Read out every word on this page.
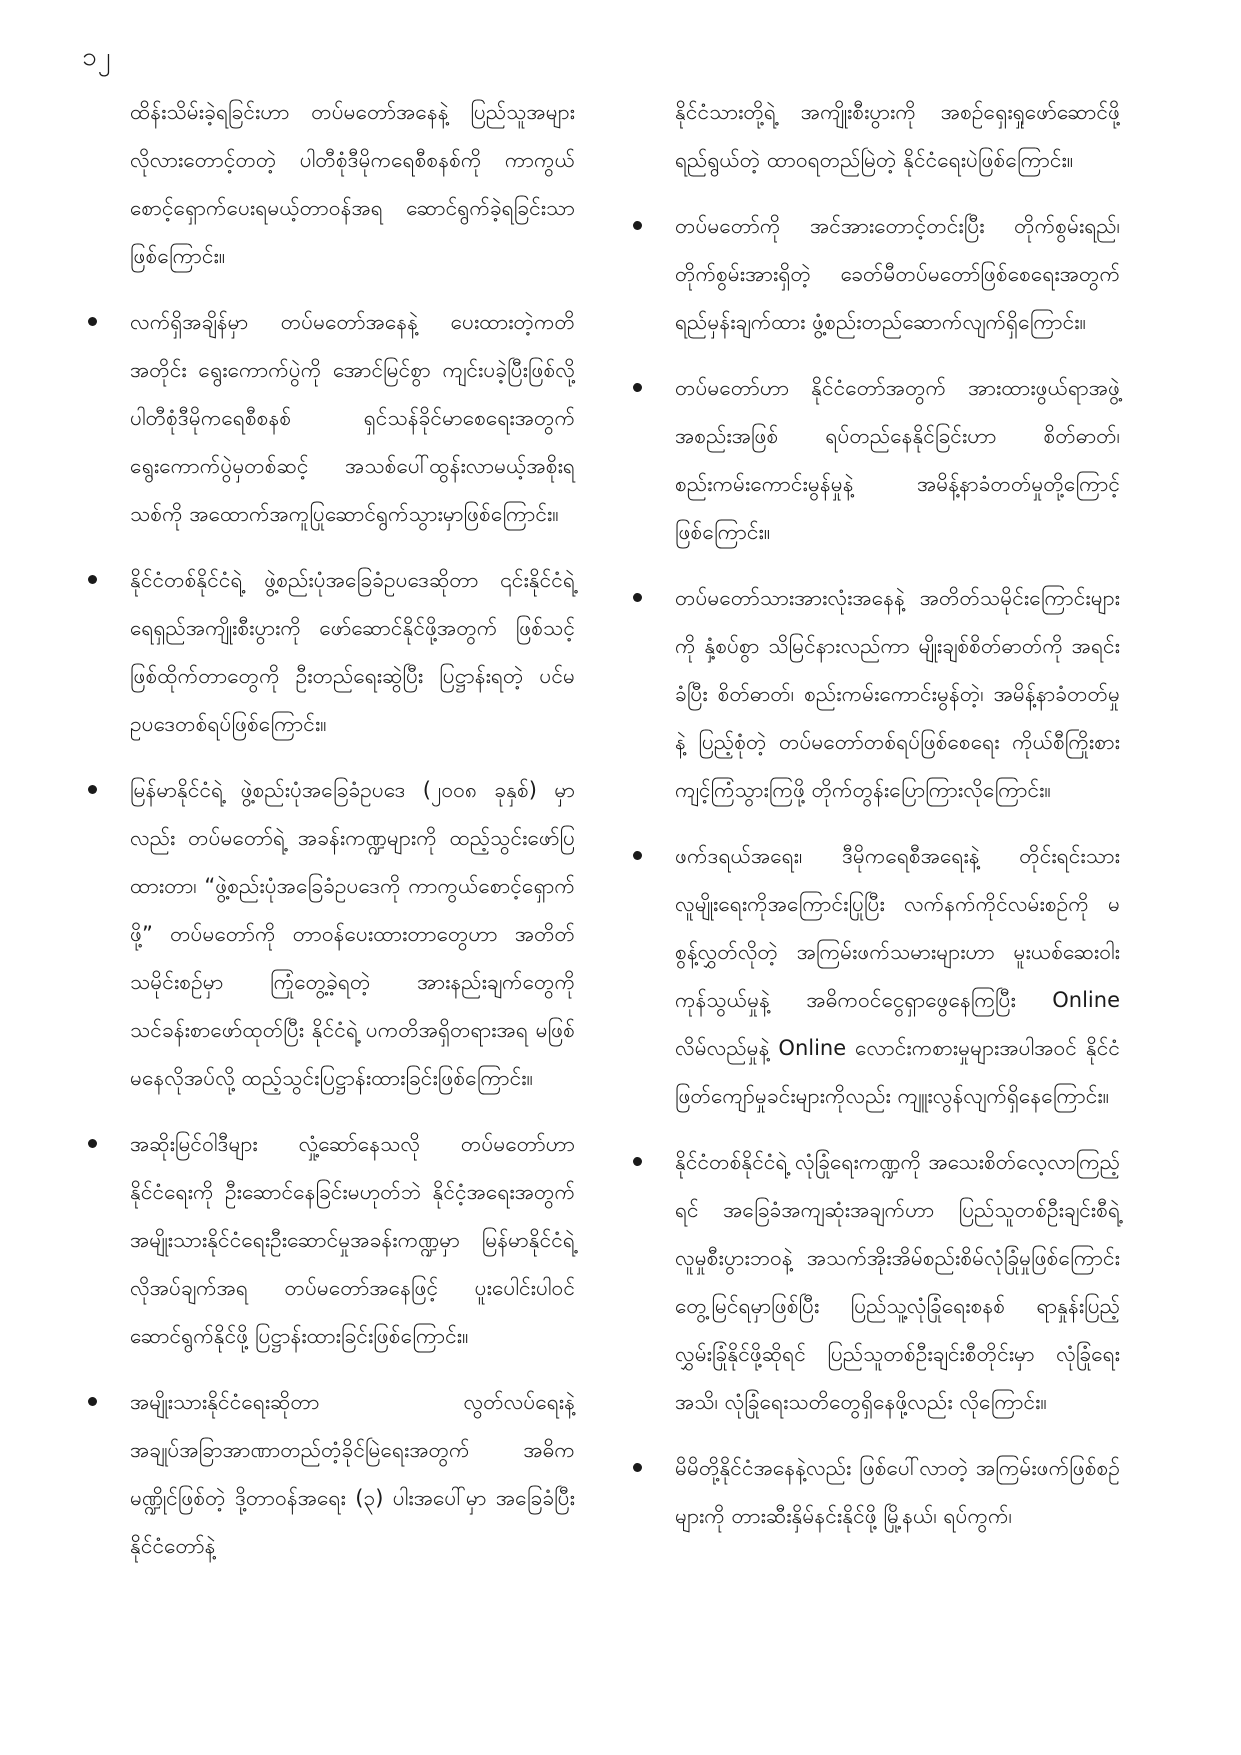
၁၂

ထိန်းသိမ်းခဲ့ရခြင်းဟာ တပ်မတော်အနေနဲ့ ပြည်သူအများ လိုလားတောင့်တတဲ့ ပါတီစုံဒီမိုကရေစီစနစ်ကို ကာကွယ်စောင့်ရှောက်ပေးရမယ့်တာဝန်အရ ဆောင်ရွက်ခဲ့ရခြင်းသာဖြစ်ကြောင်း။

လက်ရှိအချိန်မှာ တပ်မတော်အနေနဲ့ ပေးထားတဲ့ကတိအတိုင်း ရွေးကောက်ပွဲကို အောင်မြင်စွာ ကျင်းပခဲ့ပြီးဖြစ်လို့ ပါတီစုံဒီမိုကရေစီစနစ် ရှင်သန်ခိုင်မာစေရေးအတွက် ရွေးကောက်ပွဲမှတစ်ဆင့် အသစ်ပေါ်ထွန်းလာမယ့်အစိုးရသစ်ကို အထောက်အကူပြုဆောင်ရွက်သွားမှာဖြစ်ကြောင်း။
နိုင်ငံတစ်နိုင်ငံရဲ့ ဖွဲ့စည်းပုံအခြေခံဥပဒေဆိုတာ ၎င်းနိုင်ငံရဲ့ ရေရှည်အကျိုးစီးပွားကို ဖော်ဆောင်နိုင်ဖို့အတွက် ဖြစ်သင့်ဖြစ်ထိုက်တာတွေကို ဦးတည်ရေးဆွဲပြီး ပြဋ္ဌာန်းရတဲ့ ပင်မဥပဒေတစ်ရပ်ဖြစ်ကြောင်း။
မြန်မာနိုင်ငံရဲ့ ဖွဲ့စည်းပုံအခြေခံဥပဒေ (၂၀၀၈ ခုနှစ်) မှာလည်း တပ်မတော်ရဲ့ အခန်းကဏ္ဍများကို ထည့်သွင်းဖော်ပြထားတာ၊ “ဖွဲ့စည်းပုံအခြေခံဥပဒေကို ကာကွယ်စောင့်ရှောက်ဖို့” တပ်မတော်ကို တာဝန်ပေးထားတာတွေဟာ အတိတ်သမိုင်းစဉ်မှာ ကြုံတွေ့ခဲ့ရတဲ့ အားနည်းချက်တွေကို သင်ခန်းစာဖော်ထုတ်ပြီး နိုင်ငံရဲ့ ပကတိအရှိတရားအရ မဖြစ်မနေလိုအပ်လို့ ထည့်သွင်းပြဋ္ဌာန်းထားခြင်းဖြစ်ကြောင်း။
အဆိုးမြင်ဝါဒီများ လှုံ့ဆော်နေသလို တပ်မတော်ဟာ နိုင်ငံရေးကို ဦးဆောင်နေခြင်းမဟုတ်ဘဲ နိုင်ငံ့အရေးအတွက် အမျိုးသားနိုင်ငံရေးဦးဆောင်မှုအခန်းကဏ္ဍမှာ မြန်မာနိုင်ငံရဲ့လိုအပ်ချက်အရ တပ်မတော်အနေဖြင့် ပူးပေါင်းပါဝင်ဆောင်ရွက်နိုင်ဖို့ ပြဋ္ဌာန်းထားခြင်းဖြစ်ကြောင်း။
အမျိုးသားနိုင်ငံရေးဆိုတာ လွတ်လပ်ရေးနဲ့ အချုပ်အခြာအာဏာတည်တံ့ခိုင်မြဲရေးအတွက် အဓိကမဏ္ဍိုင်ဖြစ်တဲ့ ဒို့တာဝန်အရေး (၃) ပါးအပေါ်မှာ အခြေခံပြီး နိုင်ငံတော်နဲ့

နိုင်ငံသားတို့ရဲ့ အကျိုးစီးပွားကို အစဉ်ရှေးရှုဖော်ဆောင်ဖို့ ရည်ရွယ်တဲ့ ထာဝရတည်မြဲတဲ့ နိုင်ငံရေးပဲဖြစ်ကြောင်း။

တပ်မတော်ကို အင်အားတောင့်တင်းပြီး တိုက်စွမ်းရည်၊ တိုက်စွမ်းအားရှိတဲ့ ခေတ်မီတပ်မတော်ဖြစ်စေရေးအတွက် ရည်မှန်းချက်ထား ဖွံ့စည်းတည်ဆောက်လျက်ရှိကြောင်း။
တပ်မတော်ဟာ နိုင်ငံတော်အတွက် အားထားဖွယ်ရာအဖွဲ့အစည်းအဖြစ် ရပ်တည်နေနိုင်ခြင်းဟာ စိတ်ဓာတ်၊ စည်းကမ်းကောင်းမွန်မှုနဲ့ အမိန့်နာခံတတ်မှုတို့ကြောင့် ဖြစ်ကြောင်း။
တပ်မတော်သားအားလုံးအနေနဲ့ အတိတ်သမိုင်းကြောင်းများကို နှံ့စပ်စွာ သိမြင်နားလည်ကာ မျိုးချစ်စိတ်ဓာတ်ကို အရင်းခံပြီး စိတ်ဓာတ်၊ စည်းကမ်းကောင်းမွန်တဲ့၊ အမိန့်နာခံတတ်မှုနဲ့ ပြည့်စုံတဲ့ တပ်မတော်တစ်ရပ်ဖြစ်စေရေး ကိုယ်စီကြိုးစားကျင့်ကြံသွားကြဖို့ တိုက်တွန်းပြောကြားလိုကြောင်း။
ဖက်ဒရယ်အရေး၊ ဒီမိုကရေစီအရေးနဲ့ တိုင်းရင်းသားလူမျိုးရေးကိုအကြောင်းပြုပြီး လက်နက်ကိုင်လမ်းစဉ်ကို မစွန့်လွှတ်လိုတဲ့ အကြမ်းဖက်သမားများဟာ မူးယစ်ဆေးဝါးကုန်သွယ်မှုနဲ့ အဓိကဝင်ငွေရှာဖွေနေကြပြီး Online လိမ်လည်မှုနဲ့ Online လောင်းကစားမှုများအပါအဝင် နိုင်ငံဖြတ်ကျော်မှုခင်းများကိုလည်း ကျူးလွန်လျက်ရှိနေကြောင်း။
နိုင်ငံတစ်နိုင်ငံရဲ့ လုံခြုံရေးကဏ္ဍကို အသေးစိတ်လေ့လာကြည့်ရင် အခြေခံအကျဆုံးအချက်ဟာ ပြည်သူတစ်ဦးချင်းစီရဲ့ လူမှုစီးပွားဘဝနဲ့ အသက်အိုးအိမ်စည်းစိမ်လုံခြုံမှုဖြစ်ကြောင်း တွေ့မြင်ရမှာဖြစ်ပြီး ပြည်သူ့လုံခြုံရေးစနစ် ရာနှုန်းပြည့်လွှမ်းခြုံနိုင်ဖို့ဆိုရင် ပြည်သူတစ်ဦးချင်းစီတိုင်းမှာ လုံခြုံရေးအသိ၊ လုံခြုံရေးသတိတွေရှိနေဖို့လည်း လိုကြောင်း။
မိမိတို့နိုင်ငံအနေနဲ့လည်း ဖြစ်ပေါ်လာတဲ့ အကြမ်းဖက်ဖြစ်စဉ်များကို တားဆီးနှိမ်နင်းနိုင်ဖို့ မြို့နယ်၊ ရပ်ကွက်၊
